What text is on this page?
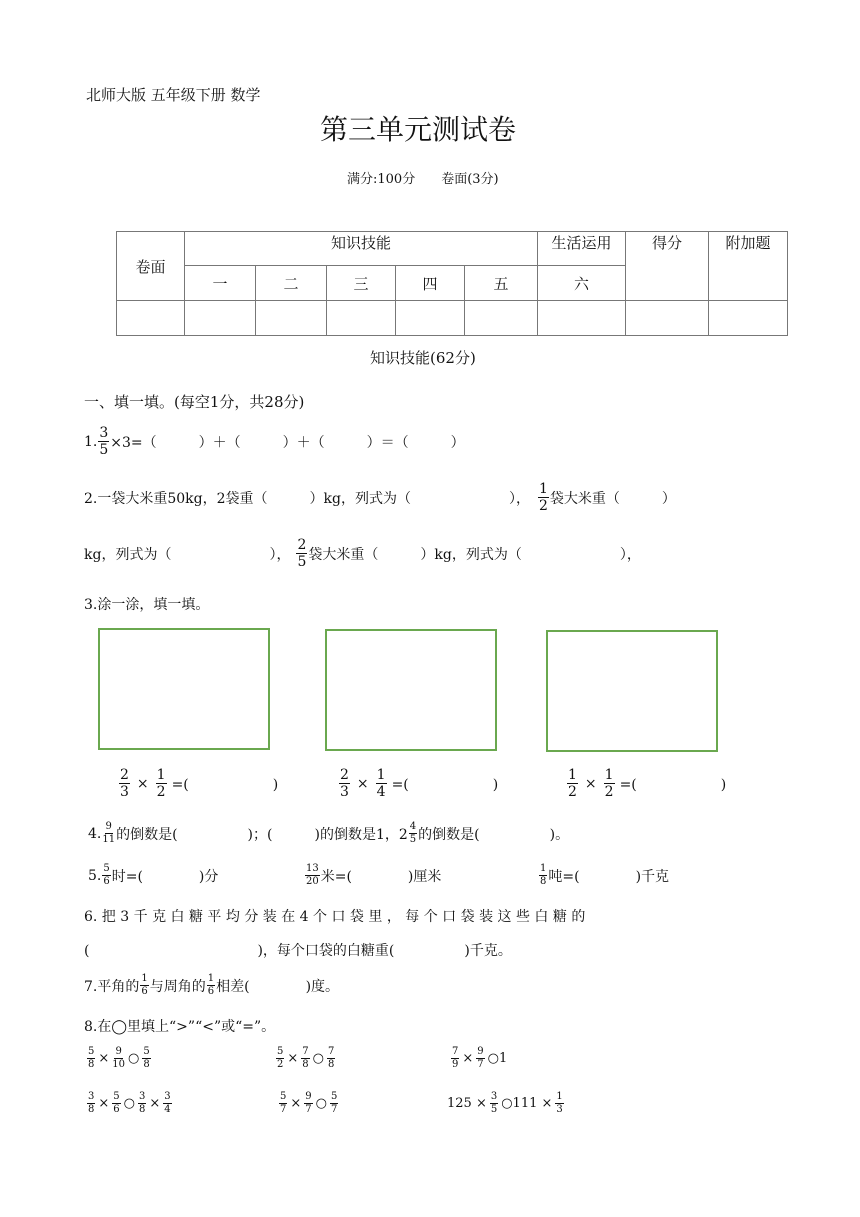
北师大版 五年级下册 数学
第三单元测试卷
满分:100分　　卷面(3分)
卷面	知识技能					生活运用	得分	附加题
	一	二	三	四	五	六		

知识技能(62分)
一、填一填。(每空1分，共28分)
1. $\frac{3}{5} \times 3=$（　　　）＋（　　　）＋（　　　）＝（　　　）
2.一袋大米重50kg，2袋重（　　　）kg，列式为（　　　　　　　）， $\frac{1}{2}$ 袋大米重（　　　）
kg，列式为（　　　　　　　）， $\frac{2}{5}$ 袋大米重（　　　）kg，列式为（　　　　　　　），
3.涂一涂，填一填。
$\frac{2}{3} \times \frac{1}{2}$ =(　　　　　　)	$\frac{2}{3} \times \frac{1}{4}$ =(　　　　　　)	$\frac{1}{2} \times \frac{1}{2}$ =(　　　　　　)
4. $\frac{9}{11}$ 的倒数是(　　　　　)；(　　　)的倒数是1，$2 \frac{4}{5}$ 的倒数是(　　　　　)。
5. $\frac{5}{6}$ 时=(　　　　)分	$\frac{13}{20}$ 米=(　　　　)厘米	$\frac{1}{8}$ 吨=(　　　　)千克
6. 把 3 千 克 白 糖 平 均 分 装 在 4 个 口 袋 里 ， 每 个 口 袋 装 这 些 白 糖 的
(　　　　　　　　　　　　)，每个口袋的白糖重(　　　　　)千克。
7.平角的 $\frac{1}{6}$ 与周角的 $\frac{1}{6}$ 相差(　　　　)度。
8.在◯里填上“>”“<”或“=”。
$\frac{5}{8} \times \frac{9}{10}$ ○ $\frac{5}{8}$	$\frac{5}{2} \times \frac{7}{8}$ ○ $\frac{7}{8}$	$\frac{7}{9} \times \frac{9}{7}$ ○1
$\frac{3}{8} \times \frac{5}{6}$ ○ $\frac{3}{8} \times \frac{3}{4}$	$\frac{5}{7} \times \frac{9}{7}$ ○ $\frac{5}{7}$	$125 \times \frac{3}{5}$ ○111 × $\frac{1}{3}$
